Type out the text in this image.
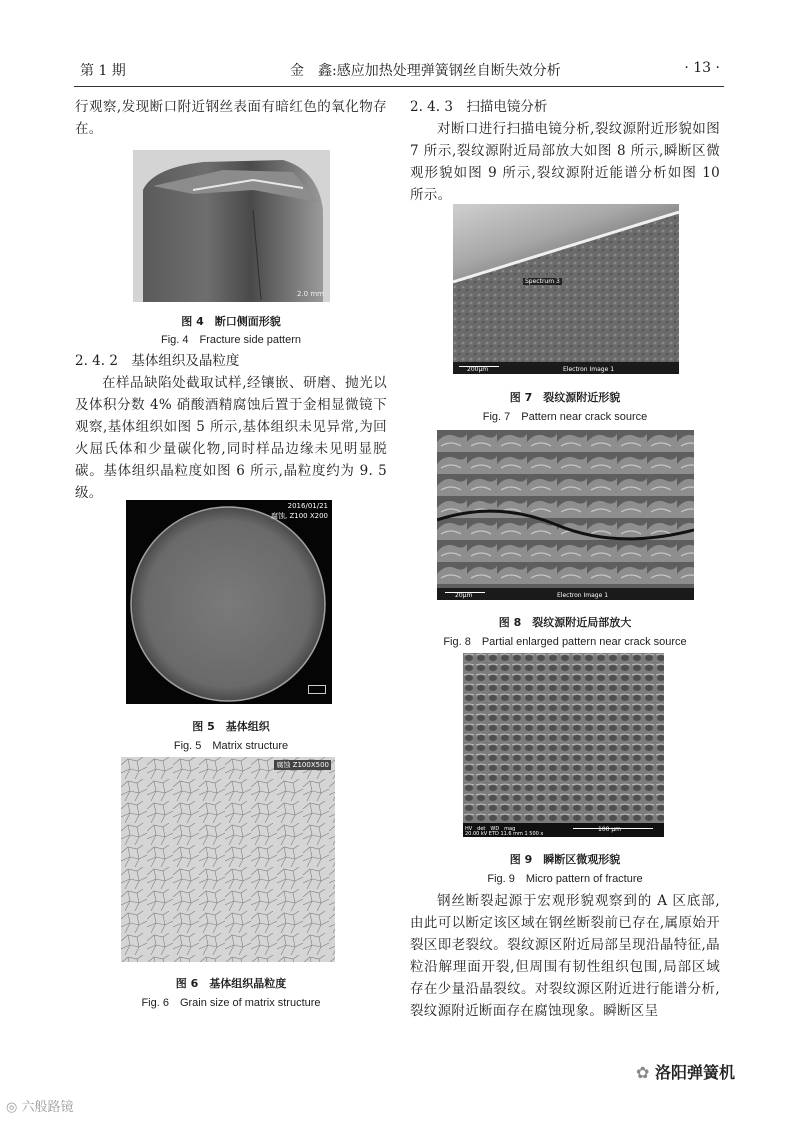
第 1 期	金　鑫:感应加热处理弹簧钢丝自断失效分析	· 13 ·

行观察,发现断口附近钢丝表面有暗红色的氧化物存在。

2.0 mm
图 4　断口侧面形貌
Fig. 4　Fracture side pattern

2. 4. 2　基体组织及晶粒度

在样品缺陷处截取试样,经镶嵌、研磨、抛光以及体积分数 4% 硝酸酒精腐蚀后置于金相显微镜下观察,基体组织如图 5 所示,基体组织未见异常,为回火屈氏体和少量碳化物,同时样品边缘未见明显脱碳。基体组织晶粒度如图 6 所示,晶粒度约为 9. 5 级。

2016/01/21
腐蚀, Z100 X200
图 5　基体组织
Fig. 5　Matrix structure
腐蚀 Z100X500
图 6　基体组织晶粒度
Fig. 6　Grain size of matrix structure

2. 4. 3　扫描电镜分析

对断口进行扫描电镜分析,裂纹源附近形貌如图 7 所示,裂纹源附近局部放大如图 8 所示,瞬断区微观形貌如图 9 所示,裂纹源附近能谱分析如图 10 所示。

Spectrum 3
200μm	Electron Image 1
图 7　裂纹源附近形貌
Fig. 7　Pattern near crack source
20μm	Electron Image 1
图 8　裂纹源附近局部放大
Fig. 8　Partial enlarged pattern near crack source
HV　det　WD　mag
20.00 kV ETD 11.6 mm 1 500 x
100 μm
图 9　瞬断区微观形貌
Fig. 9　Micro pattern of fracture

钢丝断裂起源于宏观形貌观察到的 A 区底部,由此可以断定该区域在钢丝断裂前已存在,属原始开裂区即老裂纹。裂纹源区附近局部呈现沿晶特征,晶粒沿解理面开裂,但周围有韧性组织包围,局部区域存在少量沿晶裂纹。对裂纹源区附近进行能谱分析,裂纹源附近断面存在腐蚀现象。瞬断区呈

◎ 六般路镜
✿ 洛阳弹簧机
